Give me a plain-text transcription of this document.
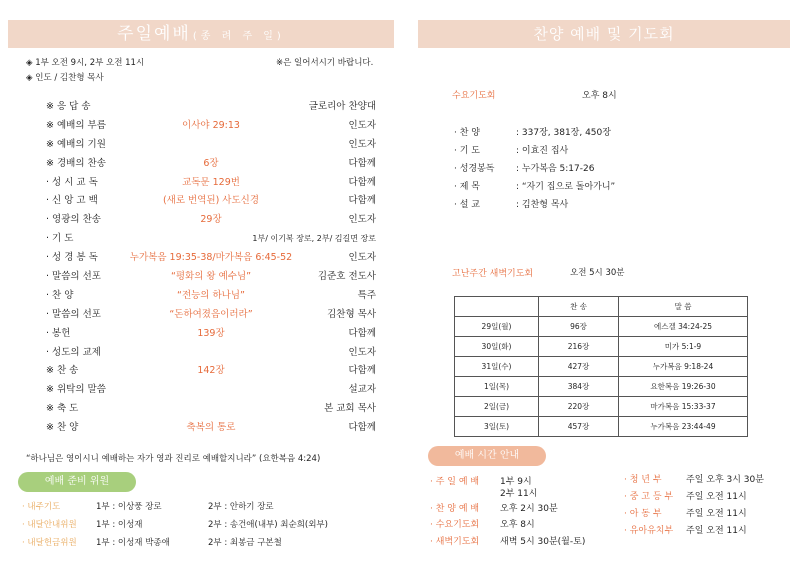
주일예배 (종 려 주 일)
◈ 1부 오전 9시, 2부 오전 11시
◈ 인도 / 김찬형 목사
※은 일어서시기 바랍니다.
※ 응 답 송	글로리아 찬양대
※ 예배의 부름	이사야 29:13	인도자
※ 예배의 기원	인도자
※ 경배의 찬송	6장	다함께
· 성 시 교 독	교독문 129번	다함께
· 신 앙 고 백	(새로 번역된) 사도신경	다함께
· 영광의 찬송	29장	인도자
· 기 도	1부/ 이기복 장로, 2부/ 김길면 장로
· 성 경 봉 독	누가복음 19:35-38/마가복음 6:45-52	인도자
· 말씀의 선포	“평화의 왕 예수님”	김준호 전도사
· 찬 양	“전능의 하나님”	특주
· 말씀의 선포	“돈하여졌음이러라”	김찬형 목사
· 봉헌	139장	다함께
· 성도의 교제	인도자
※ 찬 송	142장	다함께
※ 위탁의 말씀	설교자
※ 축 도	본 교회 목사
※ 찬 양	축복의 통로	다함께
“하나님은 영이시니 예배하는 자가 영과 진리로 예배할지니라” (요한복음 4:24)
예배 준비 위원
· 내주기도	1부 : 이상풍 장로	2부 : 안하기 장로
· 내달안내위원 1부 : 이성재	2부 : 송건애(내부) 최순희(외부)
· 내달헌금위원 1부 : 이성재 박종애	2부 : 최봉금 구본철
찬양 예배 및 기도회
수요기도회	오후 8시
· 찬 양	: 337장, 381장, 450장
· 기 도	: 이효진 집사
· 성경봉독 : 누가복음 5:17-26
· 제 목	: “자기 집으로 돌아가니”
· 설 교	: 김찬형 목사
고난주간 새벽기도회	오전 5시 30분
	찬 송	말 씀
29일(월)	96장	에스겔 34:24-25
30일(화)	216장	미가 5:1-9
31일(수)	427장	누가복음 9:18-24
1일(목)	384장	요한복음 19:26-30
2일(금)	220장	마가복음 15:33-37
3일(토)	457장	누가복음 23:44-49
예배 시간 안내
· 주 일 예 배 1부 9시
2부 11시
· 찬 양 예 배 오후 2시 30분
· 수요기도회 오후 8시
· 새벽기도회 새벽 5시 30분(월-토)
· 청 년 부	주일 오후 3시 30분
· 중 고 등 부 주일 오전 11시
· 아 동 부	주일 오전 11시
· 유아유치부 주일 오전 11시
